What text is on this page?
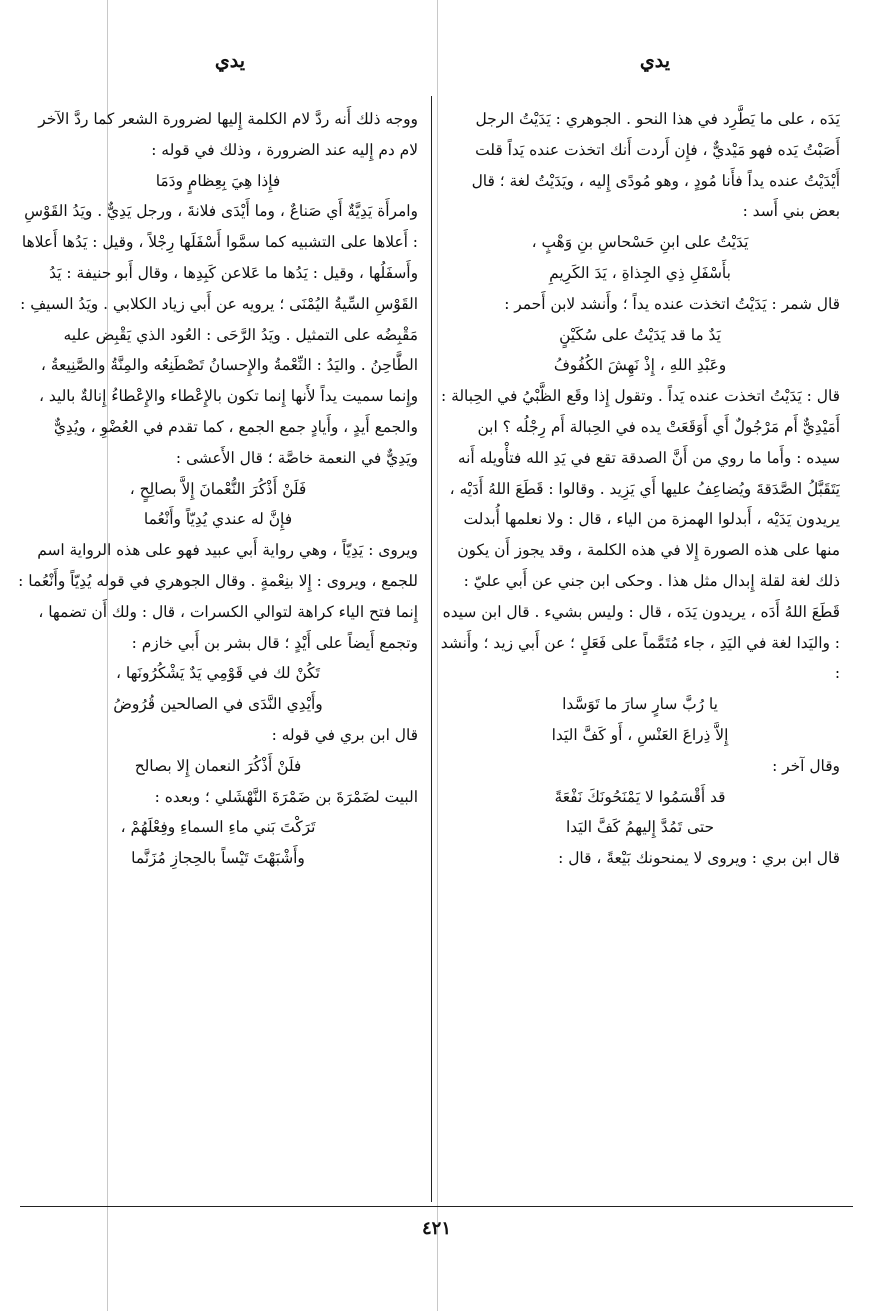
يدي	يدي

يَدَه ، على ما يَطَّرِد في هذا النحو . الجوهري : يَدَيْتُ الرجل أَصَبْتُ يَده فهو مَيْديٌّ ، فإِن أَردت أَنك اتخذت عنده يَداً قلت أَيْدَيْتُ عنده يداً فأَنا مُودٍ ، وهو مُودًى إِليه ، ويَدَيْتُ لغة ؛ قال بعض بني أَسد :

يَدَيْتُ على ابنِ حَسْحاسِ بنِ وَهْبٍ ،

بأَسْفَلِ ذِي الجِذاةِ ، يَدَ الكَرِيمِ

قال شمر : يَدَيْتُ اتخذت عنده يداً ؛ وأَنشد لابن أَحمر :

يَدٌ ما قد يَدَيْتُ على سُكَيْنٍ

وعَبْدِ اللهِ ، إِذْ نَهِشَ الكُفُوفُ

قال : يَدَيْتُ اتخذت عنده يَداً . وتقول إِذا وقَع الظَّبْيُ في الحِبالة : أَمَيْدِيٌّ أَم مَرْجُولٌ أَي أَوَقَعَتْ يده في الحِبالة أَم رِجْلُه ؟ ابن سيده : وأَما ما روي من أَنَّ الصدقة تقع في يَدِ الله فتأْويله أَنه يَتَقَبَّلُ الصَّدَقةَ ويُضاعِفُ عليها أَي يَزِيد . وقالوا : قَطَعَ اللهُ أَدَيْه ، يريدون يَدَيْه ، أَبدلوا الهمزة من الياء ، قال : ولا نعلمها أُبدلت منها على هذه الصورة إِلا في هذه الكلمة ، وقد يجوز أَن يكون ذلك لغة لقلة إِبدال مثل هذا . وحكى ابن جني عن أَبي عليّ : قَطَعَ اللهُ أَدَه ، يريدون يَدَه ، قال : وليس بشيء . قال ابن سيده : واليَدا لغة في اليَدِ ، جاء مُتَمَّماً على فَعَلٍ ؛ عن أَبي زيد ؛ وأَنشد :

يا رُبَّ سارٍ سارَ ما تَوَسَّدا

إِلاَّ ذِراعَ العَنْسِ ، أَو كَفَّ اليَدا

وقال آخر :

قد أَقْسَمُوا لا يَمْنَحُونَكَ نَفْعَةً

حتى تَمُدَّ إِليهمُ كَفَّ اليَدا

قال ابن بري : ويروى لا يمنحونك بَيْعةً ، قال :

ووجه ذلك أَنه ردَّ لام الكلمة إِليها لضرورة الشعر كما ردَّ الآخر لام دم إِليه عند الضرورة ، وذلك في قوله :

فإِذا هِيَ بِعِظامٍ ودَمَا

وامرأَة يَدِيَّةٌ أَي صَناعٌ ، وما أَيْدَى فلانةَ ، ورجل يَدِيٌّ . ويَدُ القَوْسِ : أَعلاها على التشبيه كما سمَّوا أَسْفَلَها رِجْلاً ، وقيل : يَدُها أَعلاها وأَسفَلُها ، وقيل : يَدُها ما عَلاعن كَبِدِها ، وقال أَبو حنيفة : يَدُ القَوْسِ السِّيةُ اليُمْنَى ؛ يرويه عن أَبي زياد الكلابي . ويَدُ السيفِ : مَقْبِضُه على التمثيل . ويَدُ الرَّحَى : العُود الذي يَقْبِض عليه الطَّاحِنُ . واليَدُ : النِّعْمةُ والإِحسانُ تَصْطَنِعُه والمِنَّةُ والصَّنِيعةُ ، وإِنما سميت يداً لأَنها إِنما تكون بالإِعْطاء والإِعْطاءُ إِنالةٌ باليد ، والجمع أَيدٍ ، وأَيادٍ جمع الجمع ، كما تقدم في العُضْوِ ، ويُدِيٌّ ويَدِيٌّ في النعمة خاصَّة ؛ قال الأَعشى :

فَلَنْ أَذْكُرَ النُّعْمانَ إِلاَّ بصالِحٍ ،

فإِنَّ له عندي يُدِيّاً وأَنْعُما

ويروى : يَدِيّاً ، وهي رواية أَبي عبيد فهو على هذه الرواية اسم للجمع ، ويروى : إِلا بنِعْمةٍ . وقال الجوهري في قوله يُدِيّاً وأَنْعُما : إِنما فتح الياء كراهة لتوالي الكسرات ، قال : ولك أَن تضمها ، وتجمع أَيضاً على أَيْدٍ ؛ قال بشر بن أَبي خازم :

تَكُنْ لك في قَوْمِي يَدٌ يَشْكُرُونَها ،

وأَيْدِي النَّدَى في الصالحين قُرُوضُ

قال ابن بري في قوله :

فلَنْ أَذْكُرَ النعمان إِلا بصالح

البيت لضَمْرَةَ بن ضَمْرَةَ النَّهْشَلي ؛ وبعده :

تَرَكْتَ بَني ماءِ السماءِ وفِعْلَهُمْ ،

وأَشْبَهْتَ تَيْساً بالحِجازِ مُزَنَّما

٤٢١
